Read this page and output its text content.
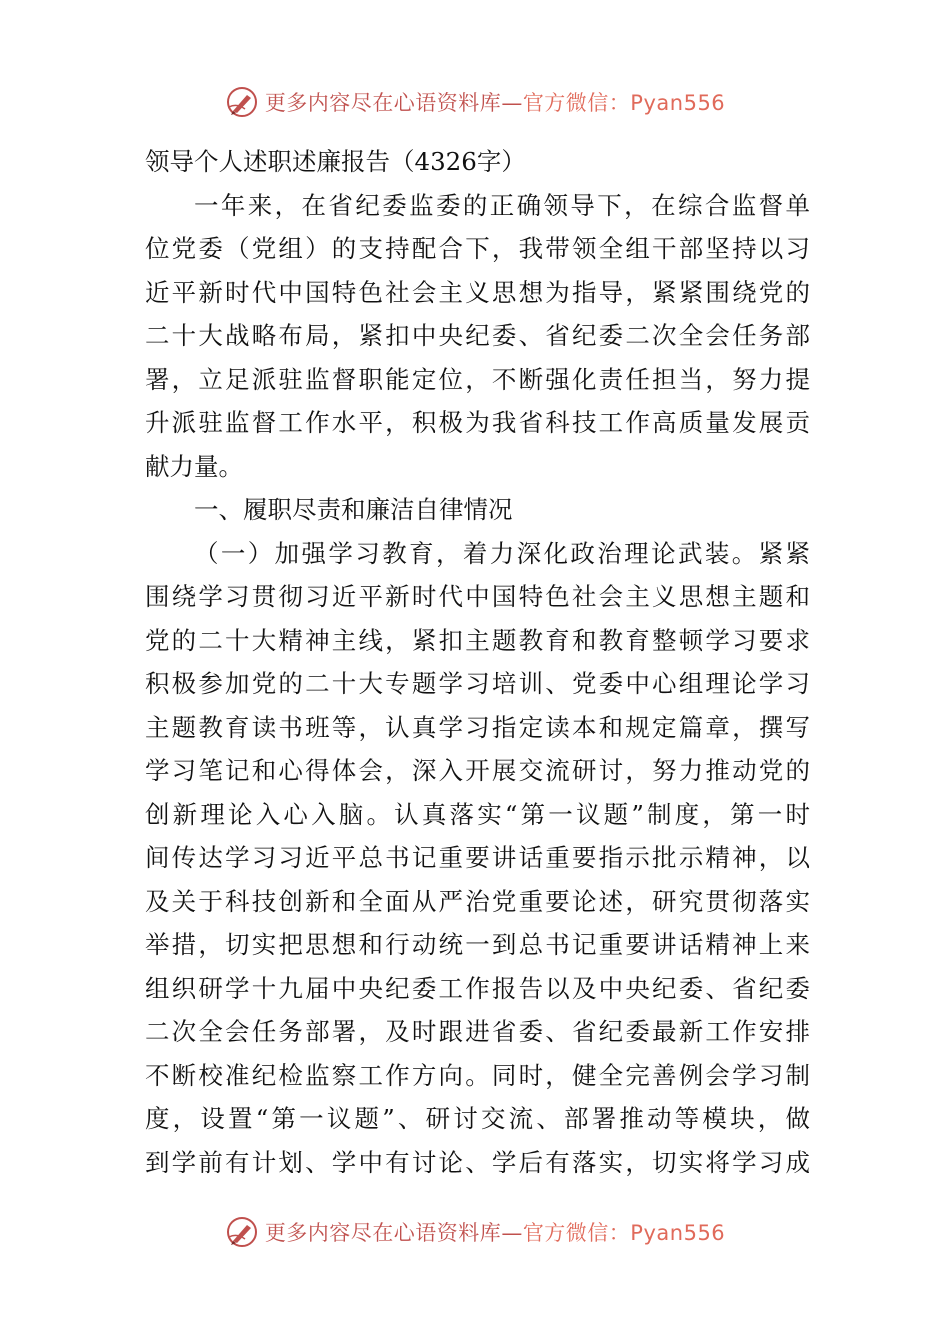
更多内容尽在心语资料库—官方微信：Pyan556
领导个人述职述廉报告（4326字）
一年来，在省纪委监委的正确领导下，在综合监督单
位党委（党组）的支持配合下，我带领全组干部坚持以习
近平新时代中国特色社会主义思想为指导，紧紧围绕党的
二十大战略布局，紧扣中央纪委、省纪委二次全会任务部
署，立足派驻监督职能定位，不断强化责任担当，努力提
升派驻监督工作水平，积极为我省科技工作高质量发展贡
献力量。
一、履职尽责和廉洁自律情况
（一）加强学习教育，着力深化政治理论武装。紧紧
围绕学习贯彻习近平新时代中国特色社会主义思想主题和
党的二十大精神主线，紧扣主题教育和教育整顿学习要求
积极参加党的二十大专题学习培训、党委中心组理论学习
主题教育读书班等，认真学习指定读本和规定篇章，撰写
学习笔记和心得体会，深入开展交流研讨，努力推动党的
创新理论入心入脑。认真落实“第一议题”制度，第一时
间传达学习习近平总书记重要讲话重要指示批示精神，以
及关于科技创新和全面从严治党重要论述，研究贯彻落实
举措，切实把思想和行动统一到总书记重要讲话精神上来
组织研学十九届中央纪委工作报告以及中央纪委、省纪委
二次全会任务部署，及时跟进省委、省纪委最新工作安排
不断校准纪检监察工作方向。同时，健全完善例会学习制
度，设置“第一议题”、研讨交流、部署推动等模块，做
到学前有计划、学中有讨论、学后有落实，切实将学习成
更多内容尽在心语资料库—官方微信：Pyan556
